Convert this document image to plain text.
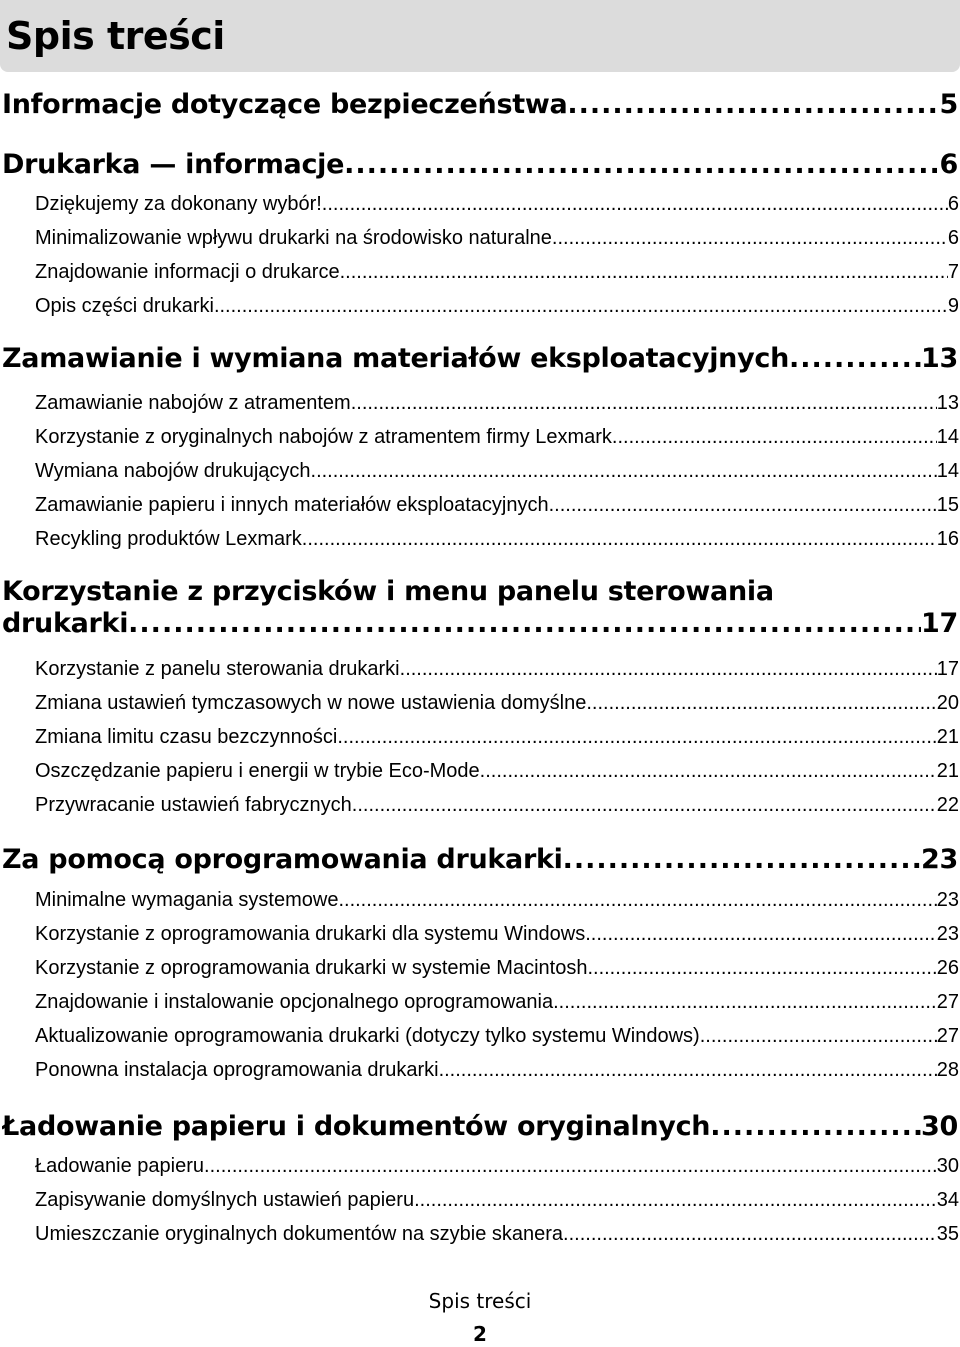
Spis treści
Informacje dotyczące bezpieczeństwa .....	5
Drukarka — informacje .....	6
Dziękujemy za dokonany wybór! .....	6
Minimalizowanie wpływu drukarki na środowisko naturalne .....	6
Znajdowanie informacji o drukarce .....	7
Opis części drukarki .....	9
Zamawianie i wymiana materiałów eksploatacyjnych .....	13
Zamawianie nabojów z atramentem .....	13
Korzystanie z oryginalnych nabojów z atramentem firmy Lexmark .....	14
Wymiana nabojów drukujących .....	14
Zamawianie papieru i innych materiałów eksploatacyjnych .....	15
Recykling produktów Lexmark .....	16
Korzystanie z przycisków i menu panelu sterowania
drukarki .....	17
Korzystanie z panelu sterowania drukarki .....	17
Zmiana ustawień tymczasowych w nowe ustawienia domyślne .....	20
Zmiana limitu czasu bezczynności .....	21
Oszczędzanie papieru i energii w trybie Eco-Mode .....	21
Przywracanie ustawień fabrycznych .....	22
Za pomocą oprogramowania drukarki .....	23
Minimalne wymagania systemowe .....	23
Korzystanie z oprogramowania drukarki dla systemu Windows .....	23
Korzystanie z oprogramowania drukarki w systemie Macintosh .....	26
Znajdowanie i instalowanie opcjonalnego oprogramowania .....	27
Aktualizowanie oprogramowania drukarki (dotyczy tylko systemu Windows) .....	27
Ponowna instalacja oprogramowania drukarki .....	28
Ładowanie papieru i dokumentów oryginalnych .....	30
Ładowanie papieru .....	30
Zapisywanie domyślnych ustawień papieru .....	34
Umieszczanie oryginalnych dokumentów na szybie skanera .....	35
Spis treści
2
